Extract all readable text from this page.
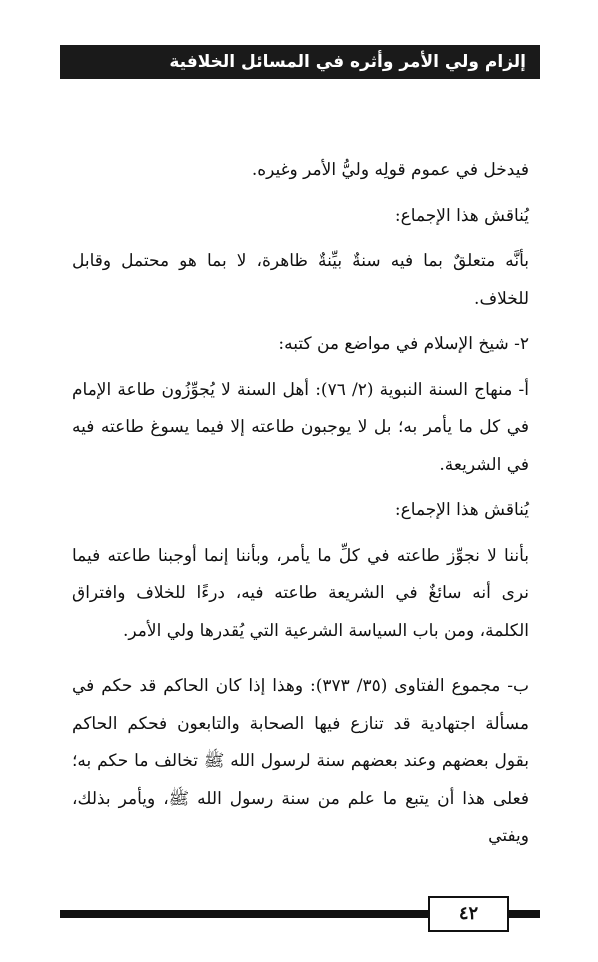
إلزام ولي الأمر وأثره في المسائل الخلافية

فيدخل في عموم قولِه وليُّ الأمر وغيره.

يُناقش هذا الإجماع:

بأنَّه متعلقٌ بما فيه سنةٌ بيِّنةٌ ظاهرة، لا بما هو محتمل وقابل للخلاف.

٢- شيخ الإسلام في مواضع من كتبه:

أ- منهاج السنة النبوية (٢/ ٧٦): أهل السنة لا يُجوِّزُون طاعة الإمام في كل ما يأمر به؛ بل لا يوجبون طاعته إلا فيما يسوغ طاعته فيه في الشريعة.

يُناقش هذا الإجماع:

بأننا لا نجوِّز طاعته في كلِّ ما يأمر، وبأننا إنما أوجبنا طاعته فيما نرى أنه سائغٌ في الشريعة طاعته فيه، درءًا للخلاف وافتراق الكلمة، ومن باب السياسة الشرعية التي يُقدرها ولي الأمر.

ب- مجموع الفتاوى (٣٥/ ٣٧٣): وهذا إذا كان الحاكم قد حكم في مسألة اجتهادية قد تنازع فيها الصحابة والتابعون فحكم الحاكم بقول بعضهم وعند بعضهم سنة لرسول الله ﷺ تخالف ما حكم به؛ فعلى هذا أن يتبع ما علم من سنة رسول الله ﷺ، ويأمر بذلك، ويفتي

٤٢
